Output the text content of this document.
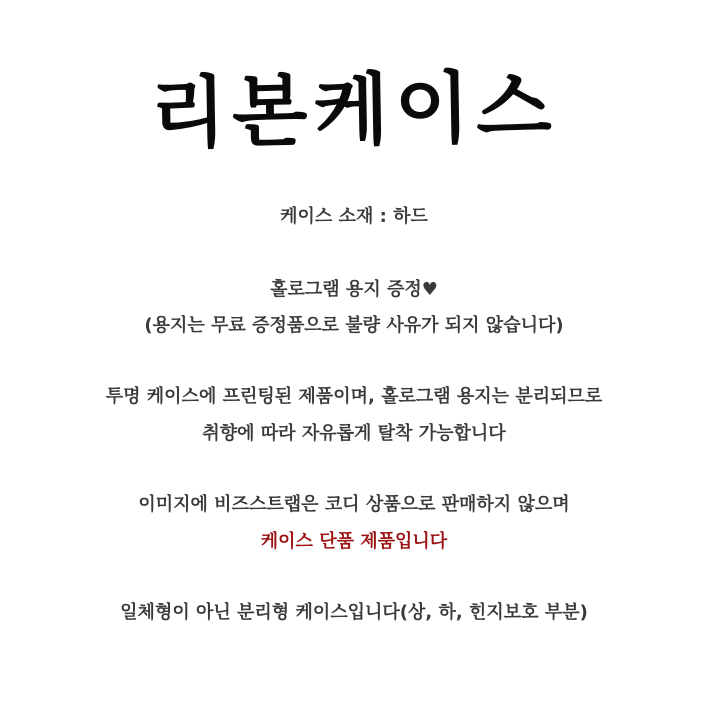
리본케이스
케이스 소재 : 하드
홀로그램 용지 증정♥
(용지는 무료 증정품으로 불량 사유가 되지 않습니다)
투명 케이스에 프린팅된 제품이며, 홀로그램 용지는 분리되므로
취향에 따라 자유롭게 탈착 가능합니다
이미지에 비즈스트랩은 코디 상품으로 판매하지 않으며
케이스 단품 제품입니다
일체형이 아닌 분리형 케이스입니다(상, 하, 힌지보호 부분)
